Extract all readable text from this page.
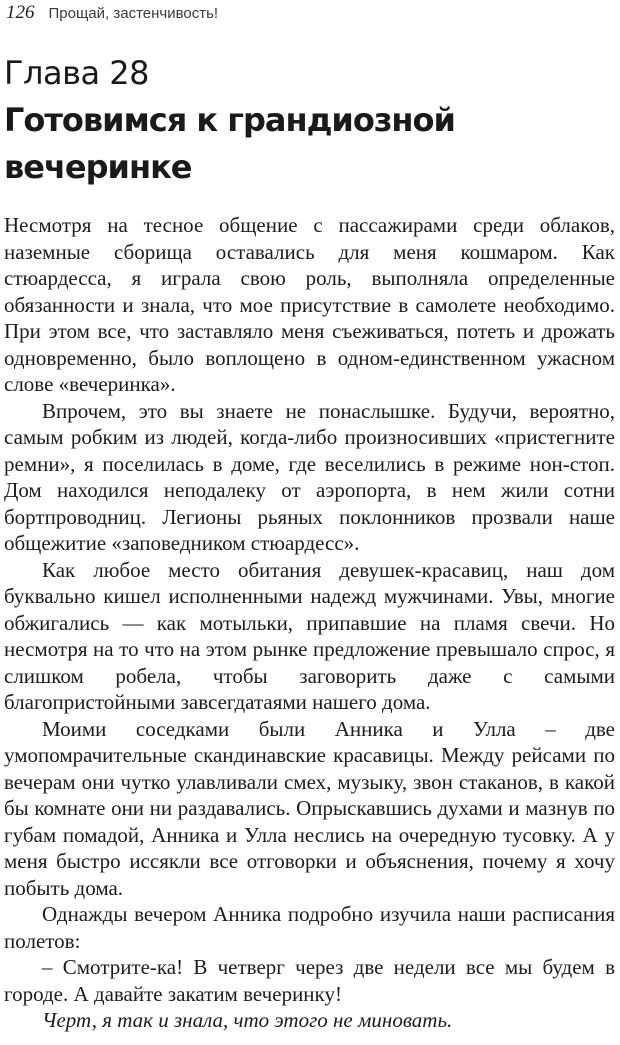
126 Прощай, застенчивость!
Глава 28
Готовимся к грандиозной вечеринке

Несмотря на тесное общение с пассажирами среди облаков, наземные сборища оставались для меня кошмаром. Как стюардесса, я играла свою роль, выполняла определенные обязанности и знала, что мое присутствие в самолете необходимо. При этом все, что заставляло меня съеживаться, потеть и дрожать одновременно, было воплощено в одном-единственном ужасном слове «вечеринка».

Впрочем, это вы знаете не понаслышке. Будучи, вероятно, самым робким из людей, когда-либо произносивших «пристегните ремни», я поселилась в доме, где веселились в режиме нон-стоп. Дом находился неподалеку от аэропорта, в нем жили сотни бортпроводниц. Легионы рьяных поклонников прозвали наше общежитие «заповедником стюардесс».

Как любое место обитания девушек-красавиц, наш дом буквально кишел исполненными надежд мужчинами. Увы, многие обжигались — как мотыльки, припавшие на пламя свечи. Но несмотря на то что на этом рынке предложение превышало спрос, я слишком робела, чтобы заговорить даже с самыми благопристойными завсегдатаями нашего дома.

Моими соседками были Анника и Улла – две умопомрачительные скандинавские красавицы. Между рейсами по вечерам они чутко улавливали смех, музыку, звон стаканов, в какой бы комнате они ни раздавались. Опрыскавшись духами и мазнув по губам помадой, Анника и Улла неслись на очередную тусовку. А у меня быстро иссякли все отговорки и объяснения, почему я хочу побыть дома.

Однажды вечером Анника подробно изучила наши расписания полетов:

– Смотрите-ка! В четверг через две недели все мы будем в городе. А давайте закатим вечеринку!

Черт, я так и знала, что этого не миновать.
